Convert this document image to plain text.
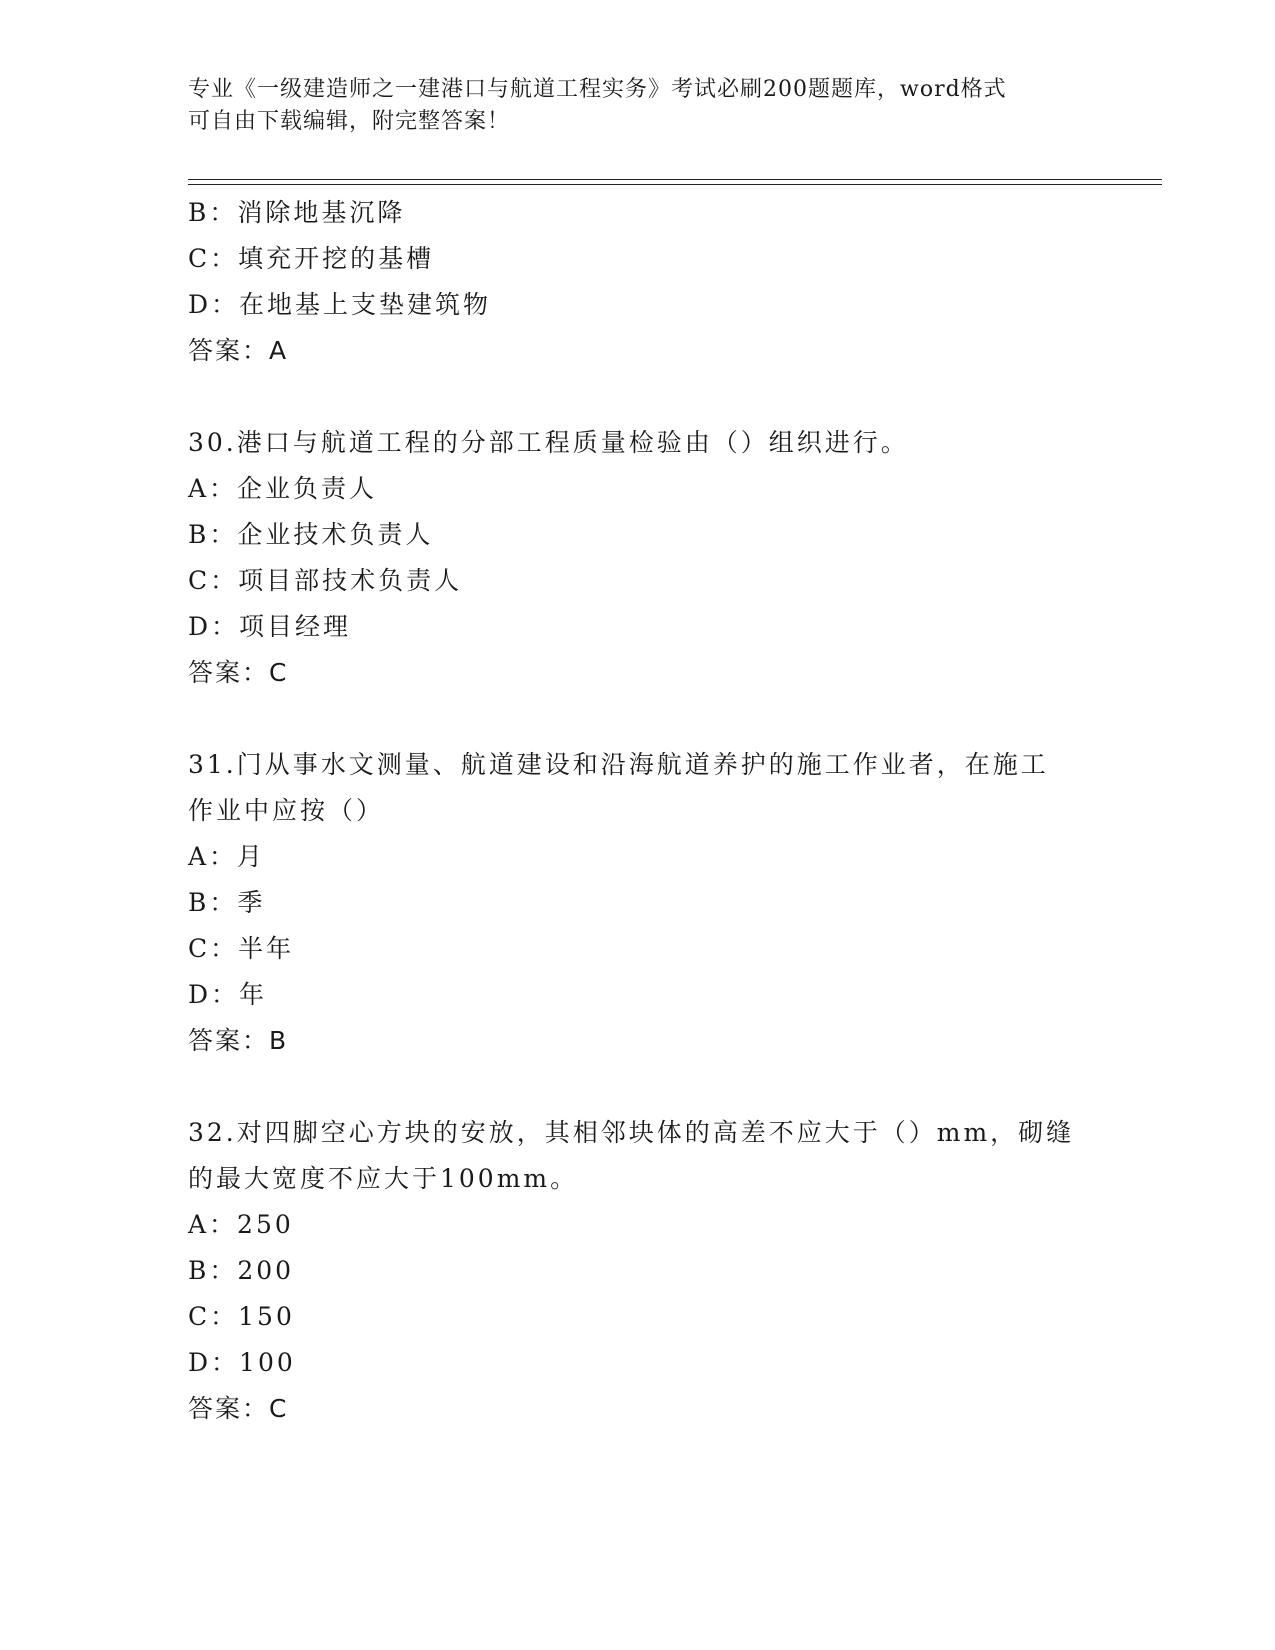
专业《一级建造师之一建港口与航道工程实务》考试必刷200题题库，word格式
可自由下载编辑，附完整答案！
B：消除地基沉降
C：填充开挖的基槽
D：在地基上支垫建筑物
答案：A
30.港口与航道工程的分部工程质量检验由（）组织进行。
A：企业负责人
B：企业技术负责人
C：项目部技术负责人
D：项目经理
答案：C
31.门从事水文测量、航道建设和沿海航道养护的施工作业者，在施工
作业中应按（）
A：月
B：季
C：半年
D：年
答案：B
32.对四脚空心方块的安放，其相邻块体的高差不应大于（）mm，砌缝
的最大宽度不应大于100mm。
A：250
B：200
C：150
D：100
答案：C
